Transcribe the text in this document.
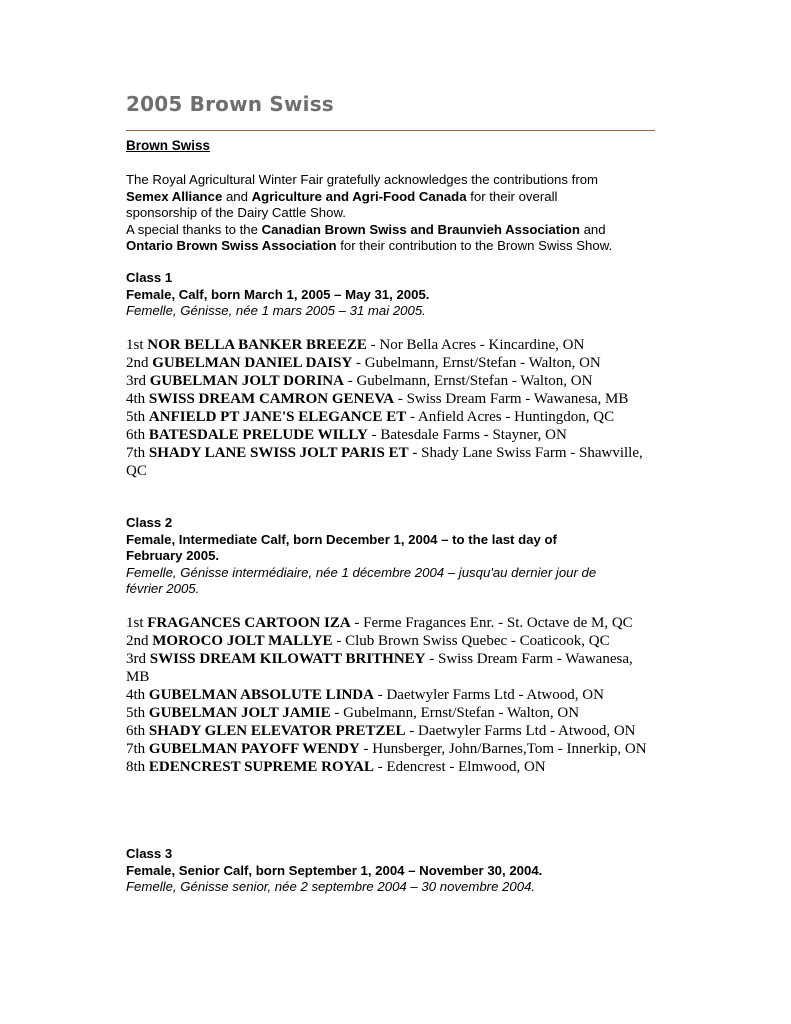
2005 Brown Swiss
Brown Swiss

The Royal Agricultural Winter Fair gratefully acknowledges the contributions from

Semex Alliance and Agriculture and Agri-Food Canada for their overall

sponsorship of the Dairy Cattle Show.

A special thanks to the Canadian Brown Swiss and Braunvieh Association and

Ontario Brown Swiss Association for their contribution to the Brown Swiss Show.

Class 1
Female, Calf, born March 1, 2005 – May 31, 2005.
Femelle, Génisse, née 1 mars 2005 – 31 mai 2005.

1st NOR BELLA BANKER BREEZE - Nor Bella Acres - Kincardine, ON

2nd GUBELMAN DANIEL DAISY - Gubelmann, Ernst/Stefan - Walton, ON

3rd GUBELMAN JOLT DORINA - Gubelmann, Ernst/Stefan - Walton, ON

4th SWISS DREAM CAMRON GENEVA - Swiss Dream Farm - Wawanesa, MB

5th ANFIELD PT JANE'S ELEGANCE ET - Anfield Acres - Huntingdon, QC

6th BATESDALE PRELUDE WILLY - Batesdale Farms - Stayner, ON

7th SHADY LANE SWISS JOLT PARIS ET - Shady Lane Swiss Farm - Shawville, QC

Class 2
Female, Intermediate Calf, born December 1, 2004 – to the last day of
February 2005.
Femelle, Génisse intermédiaire, née 1 décembre 2004 – jusqu'au dernier jour de
février 2005.

1st FRAGANCES CARTOON IZA - Ferme Fragances Enr. - St. Octave de M, QC

2nd MOROCO JOLT MALLYE - Club Brown Swiss Quebec - Coaticook, QC

3rd SWISS DREAM KILOWATT BRITHNEY - Swiss Dream Farm - Wawanesa, MB

4th GUBELMAN ABSOLUTE LINDA - Daetwyler Farms Ltd - Atwood, ON

5th GUBELMAN JOLT JAMIE - Gubelmann, Ernst/Stefan - Walton, ON

6th SHADY GLEN ELEVATOR PRETZEL - Daetwyler Farms Ltd - Atwood, ON

7th GUBELMAN PAYOFF WENDY - Hunsberger, John/Barnes,Tom - Innerkip, ON

8th EDENCREST SUPREME ROYAL - Edencrest - Elmwood, ON

Class 3
Female, Senior Calf, born September 1, 2004 – November 30, 2004.
Femelle, Génisse senior, née 2 septembre 2004 – 30 novembre 2004.
